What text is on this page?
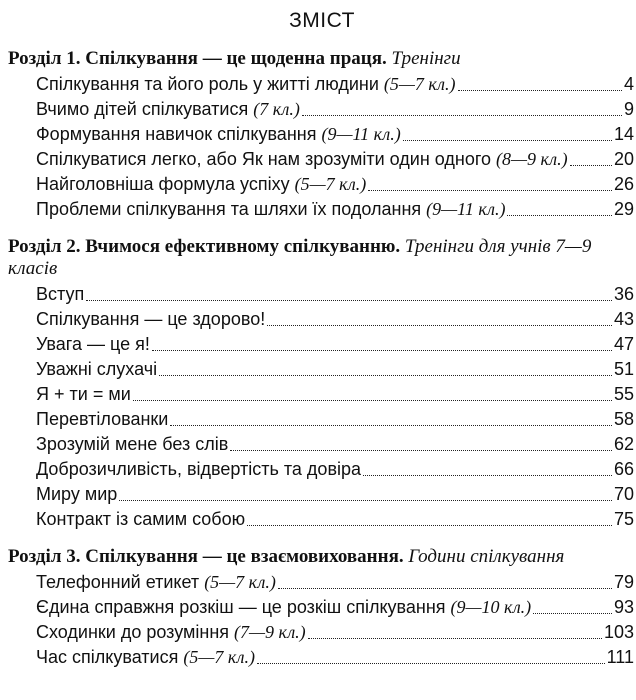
ЗМІСТ
Розділ 1. Спілкування — це щоденна праця. Тренінги
Спілкування та його роль у житті людини (5—7 кл.)	4
Вчимо дітей спілкуватися (7 кл.)	9
Формування навичок спілкування (9—11 кл.)	14
Спілкуватися легко, або Як нам зрозуміти один одного (8—9 кл.)	20
Найголовніша формула успіху (5—7 кл.)	26
Проблеми спілкування та шляхи їх подолання (9—11 кл.)	29
Розділ 2. Вчимося ефективному спілкуванню. Тренінги для учнів 7—9 класів
Вступ	36
Спілкування — це здорово!	43
Увага — це я!	47
Уважні слухачі	51
Я + ти = ми	55
Перевтілованки	58
Зрозумій мене без слів	62
Доброзичливість, відвертість та довіра	66
Миру мир	70
Контракт із самим собою	75
Розділ 3. Спілкування — це взаємовиховання. Години спілкування
Телефонний етикет (5—7 кл.)	79
Єдина справжня розкіш — це розкіш спілкування (9—10 кл.)	93
Сходинки до розуміння (7—9 кл.)	103
Час спілкуватися (5—7 кл.)	111
